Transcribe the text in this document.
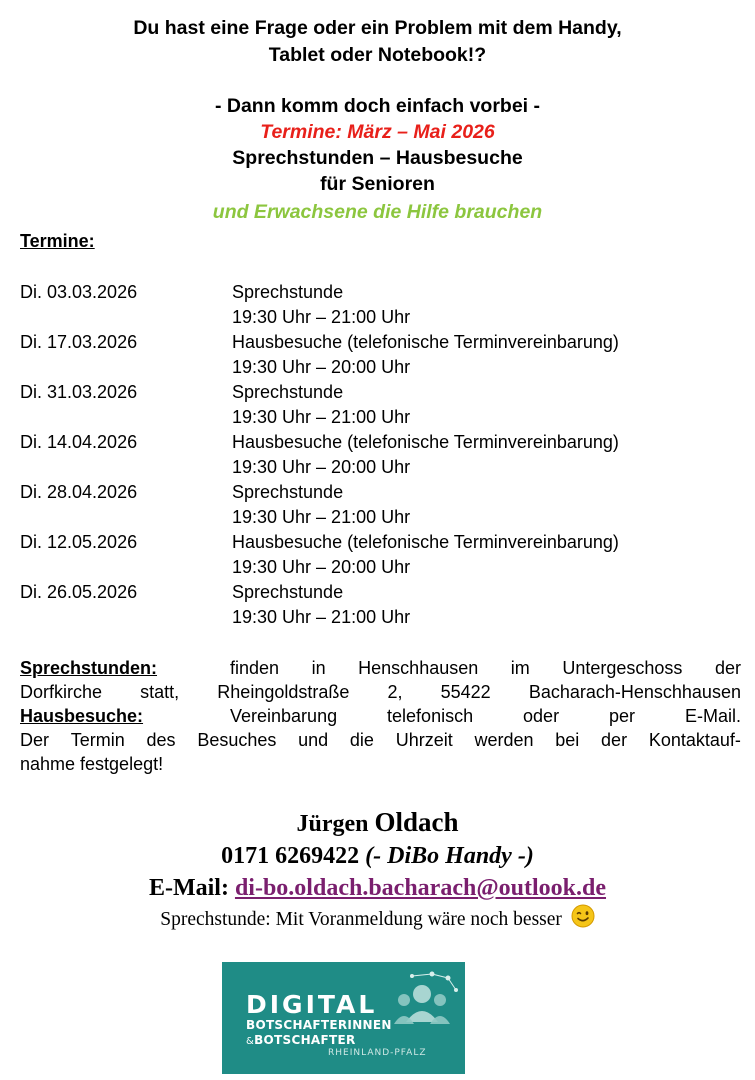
Du hast eine Frage oder ein Problem mit dem Handy,
Tablet oder Notebook!?
- Dann komm doch einfach vorbei -
Termine: März – Mai 2026
Sprechstunden – Hausbesuche
für Senioren
und Erwachsene die Hilfe brauchen
Termine:
Di. 03.03.2026	Sprechstunde
19:30 Uhr – 21:00 Uhr
Di. 17.03.2026	Hausbesuche (telefonische Terminvereinbarung)
19:30 Uhr – 20:00 Uhr
Di. 31.03.2026	Sprechstunde
19:30 Uhr – 21:00 Uhr
Di. 14.04.2026	Hausbesuche (telefonische Terminvereinbarung)
19:30 Uhr – 20:00 Uhr
Di. 28.04.2026	Sprechstunde
19:30 Uhr – 21:00 Uhr
Di. 12.05.2026	Hausbesuche (telefonische Terminvereinbarung)
19:30 Uhr – 20:00 Uhr
Di. 26.05.2026	Sprechstunde
19:30 Uhr – 21:00 Uhr
Sprechstunden:	finden in Henschhausen im Untergeschoss der
Dorfkirche statt, Rheingoldstraße 2, 55422 Bacharach-Henschhausen
Hausbesuche:	Vereinbarung	telefonisch	oder	per	E-Mail.
Der Termin des Besuches und die Uhrzeit werden bei der Kontaktauf-
nahme festgelegt!
Jürgen Oldach
0171 6269422 (- DiBo Handy -)
E-Mail: di-bo.oldach.bacharach@outlook.de
Sprechstunde: Mit Voranmeldung wäre noch besser
DIGITAL
BOTSCHAFTERINNEN
&BOTSCHAFTER
RHEINLAND-PFALZ
